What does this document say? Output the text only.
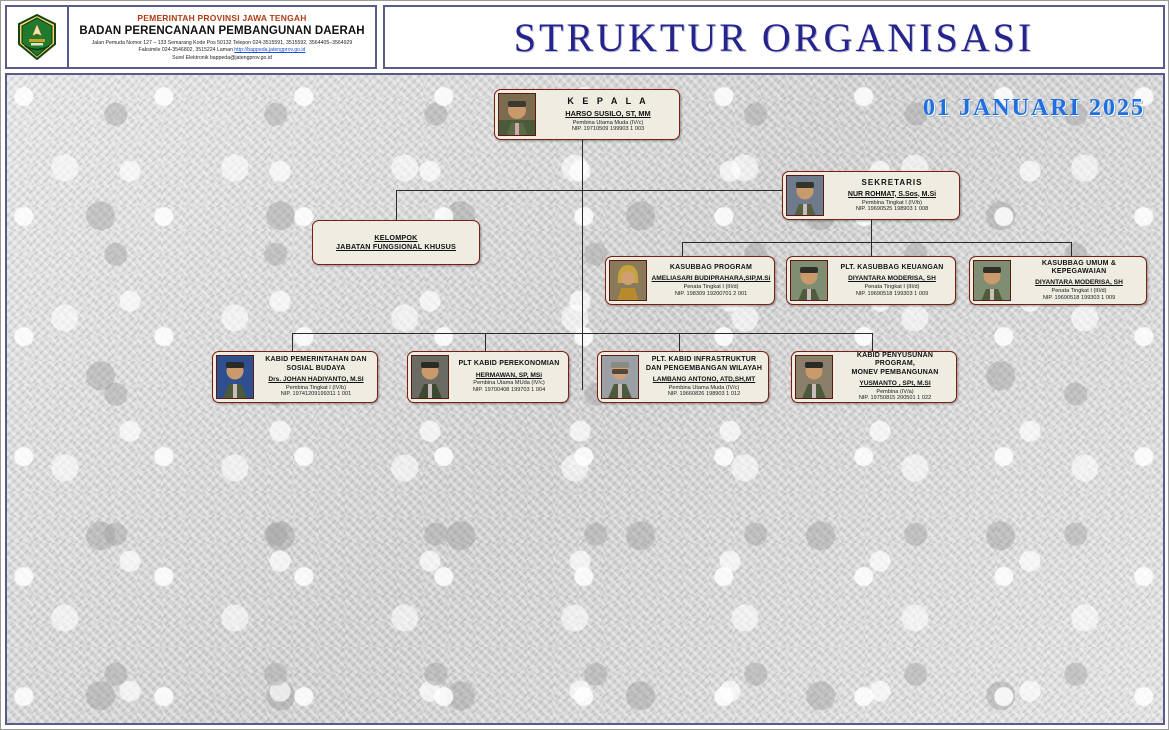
PEMERINTAH PROVINSI JAWA TENGAH
BADAN PERENCANAAN PEMBANGUNAN DAERAH
Jalan Pemuda Nomor 127 – 133 Semarang Kode Pos 50132 Telepon 024-3515591, 3515592, 3564405–3564929
Faksimile 024-3546802, 3515224 Laman http://bappeda.jatengprov.go.id
Surel Elektronik bappeda@jatengprov.go.id	STRUKTUR ORGANISASI
01 JANUARI 2025
K E P A L A
HARSO SUSILO, ST, MM
Pembina Utama Muda (IV/c)
NIP. 19710509 199903 1 003
SEKRETARIS
NUR ROHMAT, S.Sos, M.Si
Pembina Tingkat I (IV/b)
NIP. 19690525 198903 1 008
KELOMPOK
JABATAN FUNGSIONAL KHUSUS
KASUBBAG PROGRAM
AMELIASARI BUDIPRAHARA,SIP,M.Si
Penata Tingkat I (III/d)
NIP. 198309 19200701 2 001
PLT. KASUBBAG KEUANGAN
DIYANTARA MODERISA, SH
Penata Tingkat I (III/d)
NIP. 19690518 199303 1 009
KASUBBAG UMUM & KEPEGAWAIAN
DIYANTARA MODERISA, SH
Penata Tingkat I (III/d)
NIP. 19690518 199303 1 009
KABID PEMERINTAHAN DAN
SOSIAL BUDAYA
Drs. JOHAN HADIYANTO, M.SI
Pembina Tingkat I (IV/b)
NIP. 19741209199311 1 001
PLT KABID PEREKONOMIAN
HERMAWAN, SP, MSi
Pembina Utama MUda (IV/c)
NIP. 19700408 199703 1 004
PLT. KABID INFRASTRUKTUR
DAN PENGEMBANGAN WILAYAH
LAMBANG ANTONO, ATD,SH,MT
Pembina Utama Muda (IV/c)
NIP. 19660826 198903 1 012
KABID PENYUSUNAN PROGRAM,
MONEV PEMBANGUNAN
YUSMANTO , SPt, M.SI
Pembina (IV/a)
NIP. 19750815 200501 1 022
